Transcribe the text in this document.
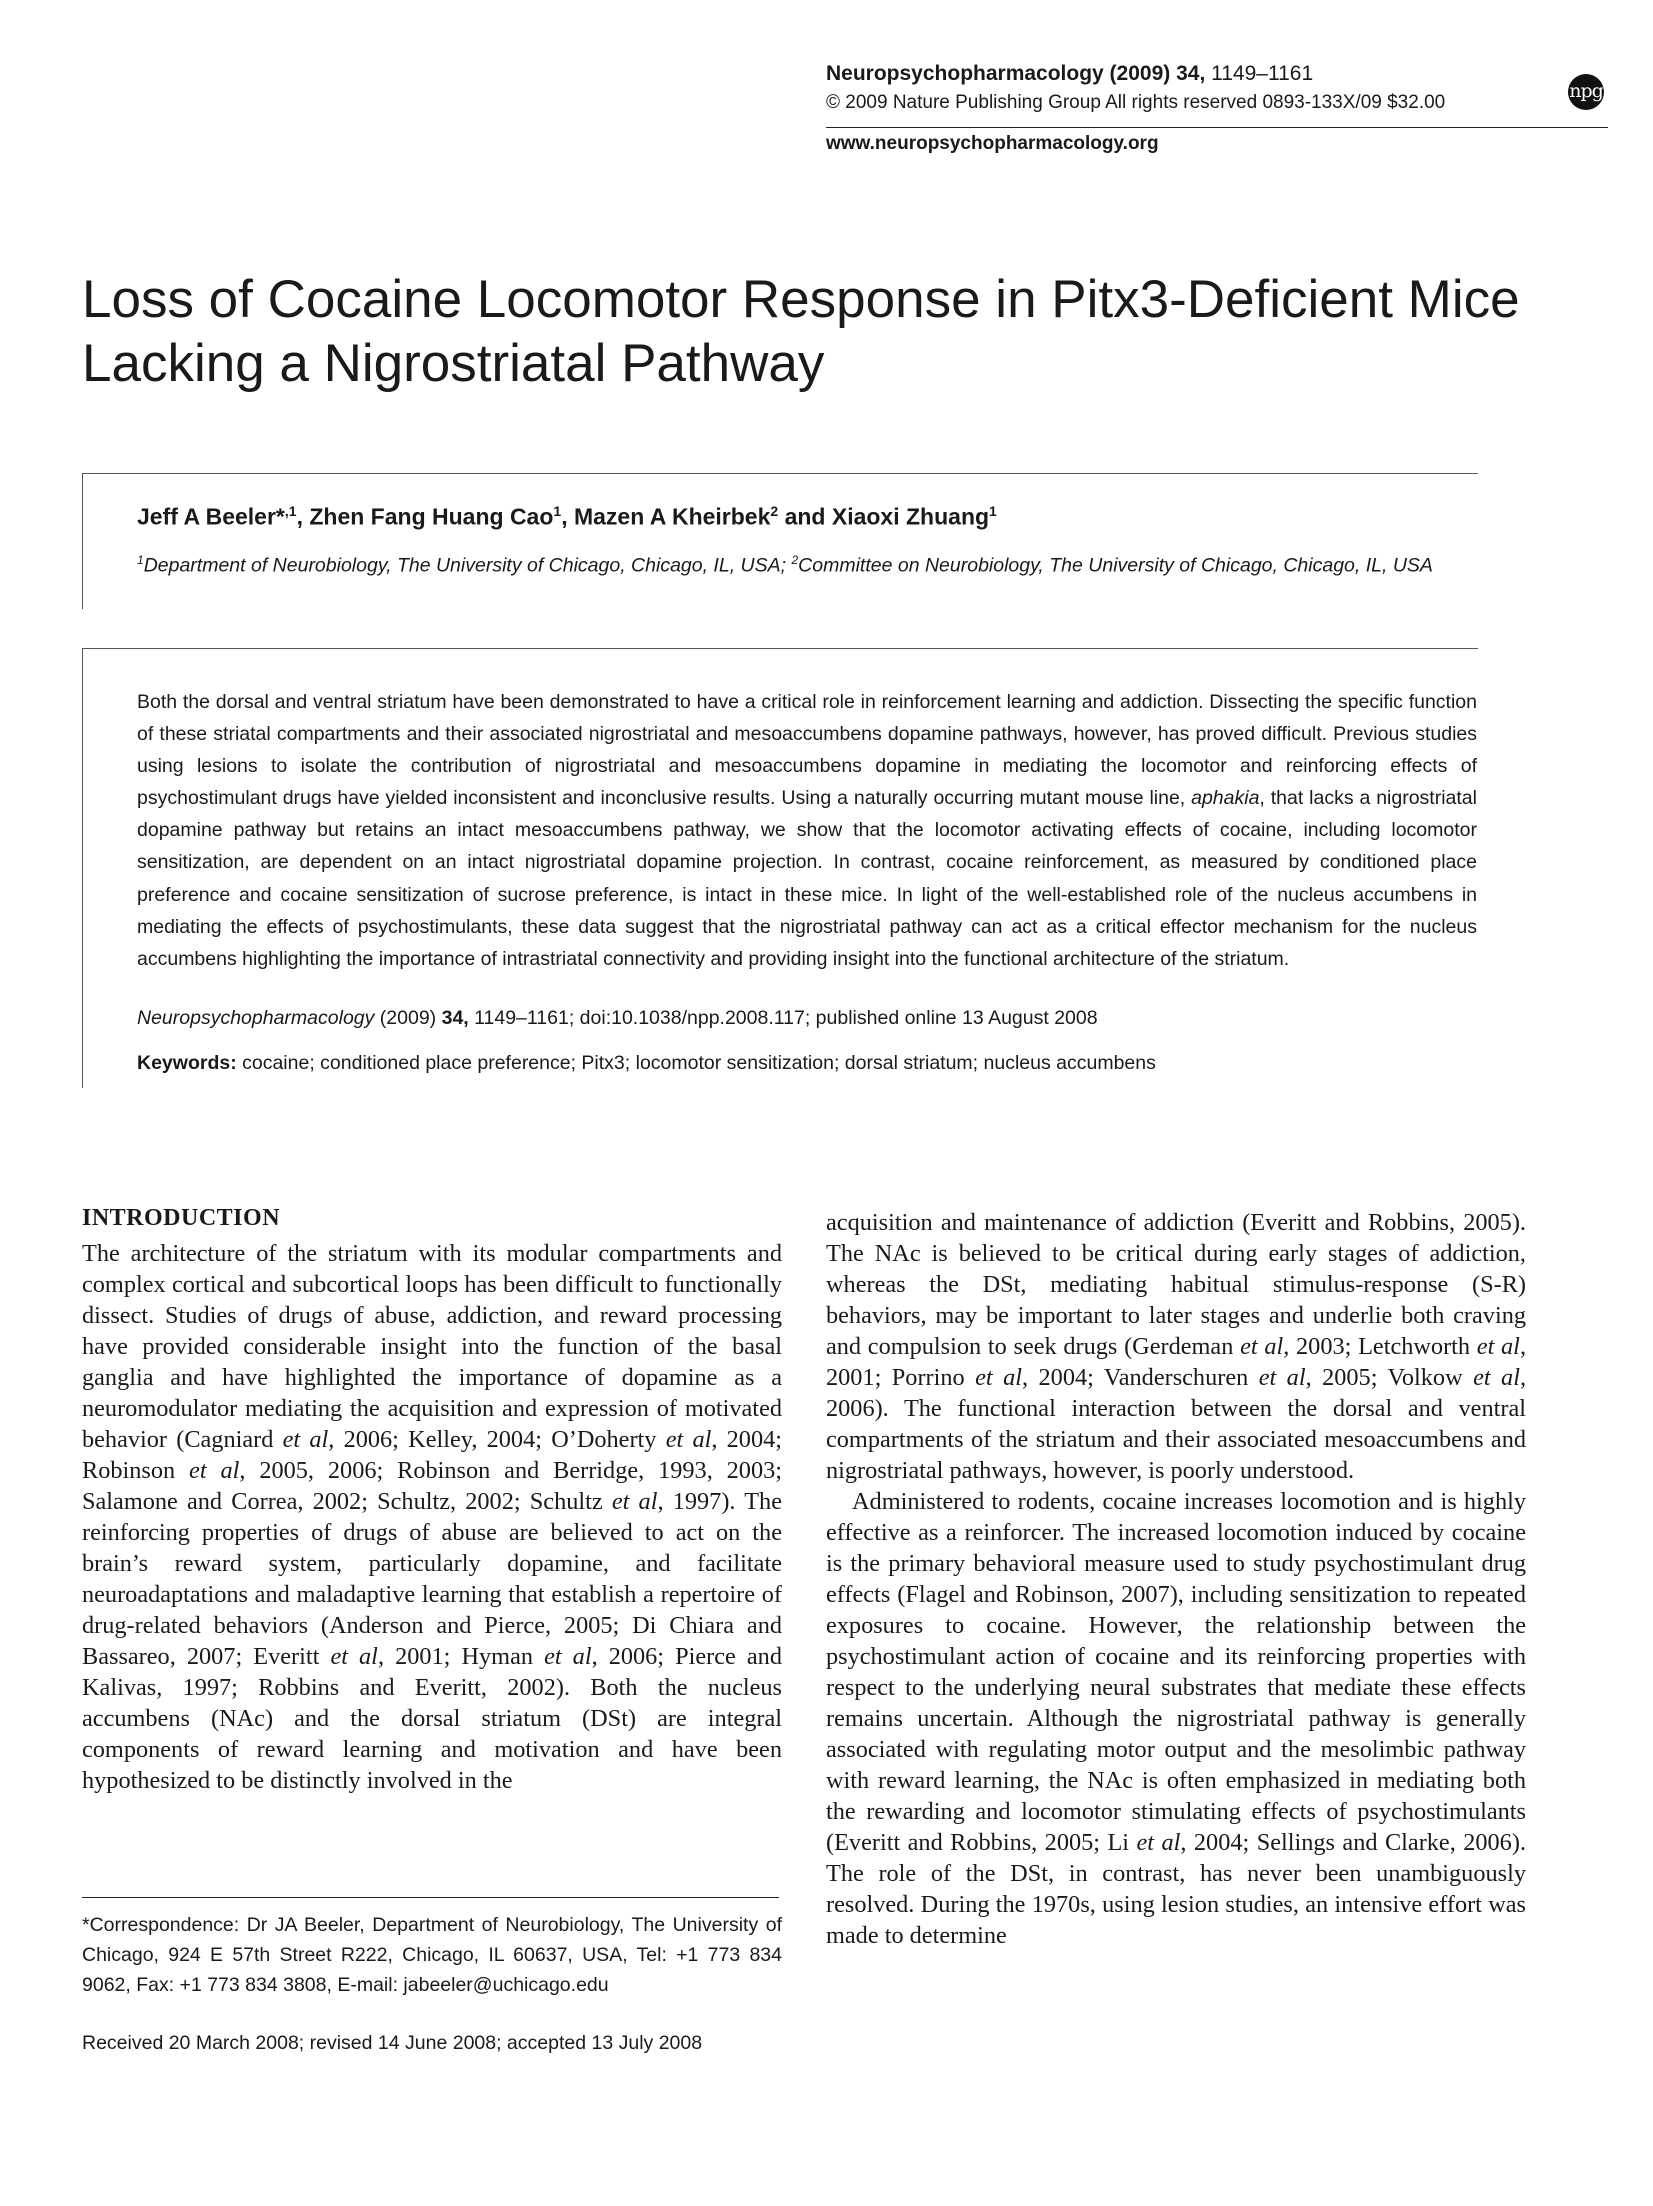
Neuropsychopharmacology (2009) 34, 1149–1161
© 2009 Nature Publishing Group All rights reserved 0893-133X/09 $32.00
www.neuropsychopharmacology.org
npg
Loss of Cocaine Locomotor Response in Pitx3-Deficient Mice Lacking a Nigrostriatal Pathway
Jeff A Beeler*$^{,1}$, Zhen Fang Huang Cao$^1$, Mazen A Kheirbek$^2$ and Xiaoxi Zhuang$^1$
$^1$Department of Neurobiology, The University of Chicago, Chicago, IL, USA; $^2$Committee on Neurobiology, The University of Chicago, Chicago, IL, USA

Both the dorsal and ventral striatum have been demonstrated to have a critical role in reinforcement learning and addiction. Dissecting the specific function of these striatal compartments and their associated nigrostriatal and mesoaccumbens dopamine pathways, however, has proved difficult. Previous studies using lesions to isolate the contribution of nigrostriatal and mesoaccumbens dopamine in mediating the locomotor and reinforcing effects of psychostimulant drugs have yielded inconsistent and inconclusive results. Using a naturally occurring mutant mouse line, aphakia, that lacks a nigrostriatal dopamine pathway but retains an intact mesoaccumbens pathway, we show that the locomotor activating effects of cocaine, including locomotor sensitization, are dependent on an intact nigrostriatal dopamine projection. In contrast, cocaine reinforcement, as measured by conditioned place preference and cocaine sensitization of sucrose preference, is intact in these mice. In light of the well-established role of the nucleus accumbens in mediating the effects of psychostimulants, these data suggest that the nigrostriatal pathway can act as a critical effector mechanism for the nucleus accumbens highlighting the importance of intrastriatal connectivity and providing insight into the functional architecture of the striatum.

Neuropsychopharmacology (2009) 34, 1149–1161; doi:10.1038/npp.2008.117; published online 13 August 2008
Keywords: cocaine; conditioned place preference; Pitx3; locomotor sensitization; dorsal striatum; nucleus accumbens
INTRODUCTION

The architecture of the striatum with its modular compartments and complex cortical and subcortical loops has been difficult to functionally dissect. Studies of drugs of abuse, addiction, and reward processing have provided considerable insight into the function of the basal ganglia and have highlighted the importance of dopamine as a neuromodulator mediating the acquisition and expression of motivated behavior (Cagniard et al, 2006; Kelley, 2004; O’Doherty et al, 2004; Robinson et al, 2005, 2006; Robinson and Berridge, 1993, 2003; Salamone and Correa, 2002; Schultz, 2002; Schultz et al, 1997). The reinforcing properties of drugs of abuse are believed to act on the brain’s reward system, particularly dopamine, and facilitate neuroadaptations and maladaptive learning that establish a repertoire of drug-related behaviors (Anderson and Pierce, 2005; Di Chiara and Bassareo, 2007; Everitt et al, 2001; Hyman et al, 2006; Pierce and Kalivas, 1997; Robbins and Everitt, 2002). Both the nucleus accumbens (NAc) and the dorsal striatum (DSt) are integral components of reward learning and motivation and have been hypothesized to be distinctly involved in the

acquisition and maintenance of addiction (Everitt and Robbins, 2005). The NAc is believed to be critical during early stages of addiction, whereas the DSt, mediating habitual stimulus-response (S-R) behaviors, may be important to later stages and underlie both craving and compulsion to seek drugs (Gerdeman et al, 2003; Letchworth et al, 2001; Porrino et al, 2004; Vanderschuren et al, 2005; Volkow et al, 2006). The functional interaction between the dorsal and ventral compartments of the striatum and their associated mesoaccumbens and nigrostriatal pathways, however, is poorly understood.

Administered to rodents, cocaine increases locomotion and is highly effective as a reinforcer. The increased locomotion induced by cocaine is the primary behavioral measure used to study psychostimulant drug effects (Flagel and Robinson, 2007), including sensitization to repeated exposures to cocaine. However, the relationship between the psychostimulant action of cocaine and its reinforcing properties with respect to the underlying neural substrates that mediate these effects remains uncertain. Although the nigrostriatal pathway is generally associated with regulating motor output and the mesolimbic pathway with reward learning, the NAc is often emphasized in mediating both the rewarding and locomotor stimulating effects of psychostimulants (Everitt and Robbins, 2005; Li et al, 2004; Sellings and Clarke, 2006). The role of the DSt, in contrast, has never been unambiguously resolved. During the 1970s, using lesion studies, an intensive effort was made to determine

*Correspondence: Dr JA Beeler, Department of Neurobiology, The University of Chicago, 924 E 57th Street R222, Chicago, IL 60637, USA, Tel: +1 773 834 9062, Fax: +1 773 834 3808, E-mail: jabeeler@uchicago.edu
Received 20 March 2008; revised 14 June 2008; accepted 13 July 2008
